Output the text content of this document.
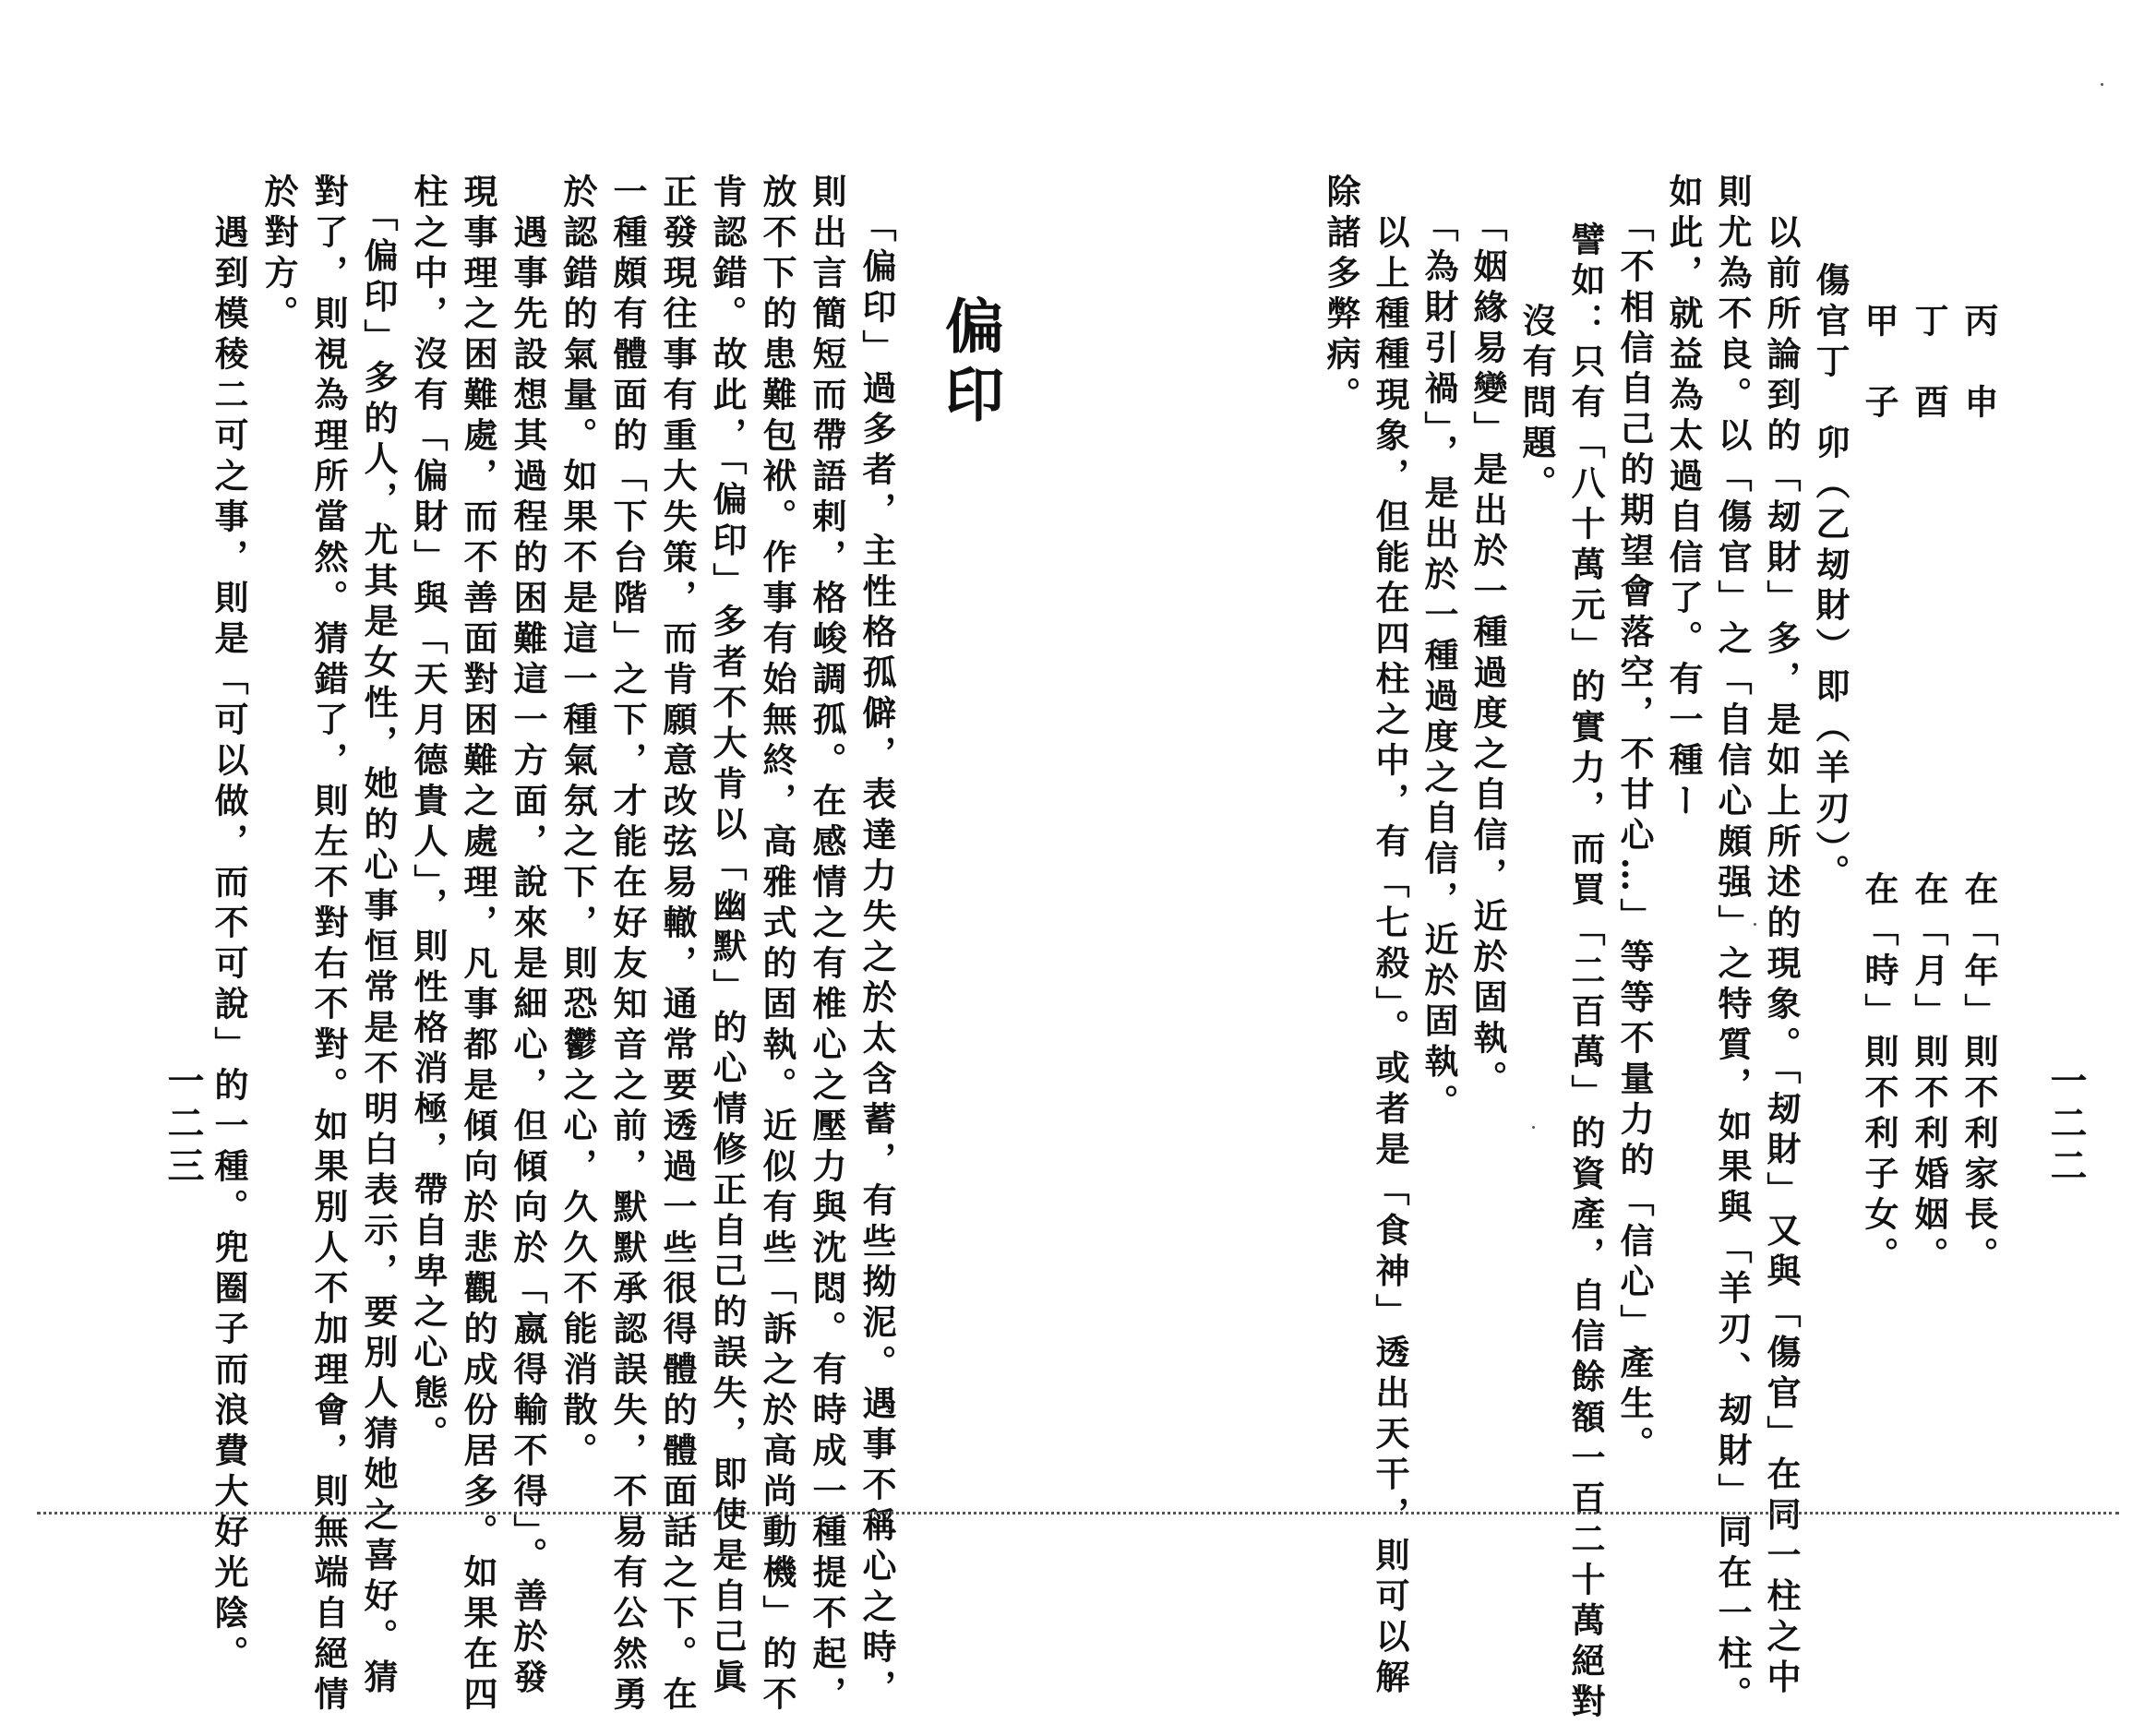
一二二
　　丙　申　　　　　　　　　　　在「年」則不利家長。
　　丁　酉　　　　　　　　　　　在「月」則不利婚姻。
　　甲　子　　　　　　　　　　　在「時」則不利子女。
　傷官丁　卯（乙刼財）即（羊刃）。
　以前所論到的「刼財」多，是如上所述的現象。「刼財」又與「傷官」在同一柱之中
則尤為不良。以「傷官」之「自信心頗强」之特質，如果與「羊刃、刼財」同在一柱。
如此，就益為太過自信了。有一種ー
「不相信自己的期望會落空，不甘心…」等等不量力的「信心」產生。
譬如：只有「八十萬元」的實力，而買「二百萬」的資產，自信餘額一百二十萬絕對
　　沒有問題。
「姻緣易變」是出於一種過度之自信，近於固執。
「為財引禍」，是出於一種過度之自信，近於固執。
　以上種種現象，但能在四柱之中，有「七殺」。或者是「食神」透出天干，則可以解
除諸多弊病。
偏印
「偏印」過多者，主性格孤僻，表達力失之於太含蓄，有些拗泥。遇事不稱心之時，
則出言簡短而帶語剌，格峻調孤。在感情之有椎心之壓力與沈悶。有時成一種提不起，
放不下的患難包袱。作事有始無終，高雅式的固執。近似有些「訴之於高尚動機」的不
肯認錯。故此，「偏印」多者不大肯以「幽默」的心情修正自己的誤失，即使是自己眞
正發現往事有重大失策，而肯願意改弦易轍，通常要透過一些很得體的體面話之下。在
一種頗有體面的「下台階」之下，才能在好友知音之前，默默承認誤失，不易有公然勇
於認錯的氣量。如果不是這一種氣氛之下，則恐鬱之心，久久不能消散。
　遇事先設想其過程的困難這一方面，說來是細心，但傾向於「嬴得輸不得」。善於發
現事理之困難處，而不善面對困難之處理，凡事都是傾向於悲觀的成份居多。如果在四
柱之中，沒有「偏財」與「天月德貴人」，則性格消極，帶自卑之心態。
　「偏印」多的人，尤其是女性，她的心事恒常是不明白表示，要別人猜她之喜好。猜
對了，則視為理所當然。猜錯了，則左不對右不對。如果別人不加理會，則無端自絕情
於對方。
　遇到模稜二可之事，則是「可以做，而不可說」的一種。兜圈子而浪費大好光陰。
一二三
